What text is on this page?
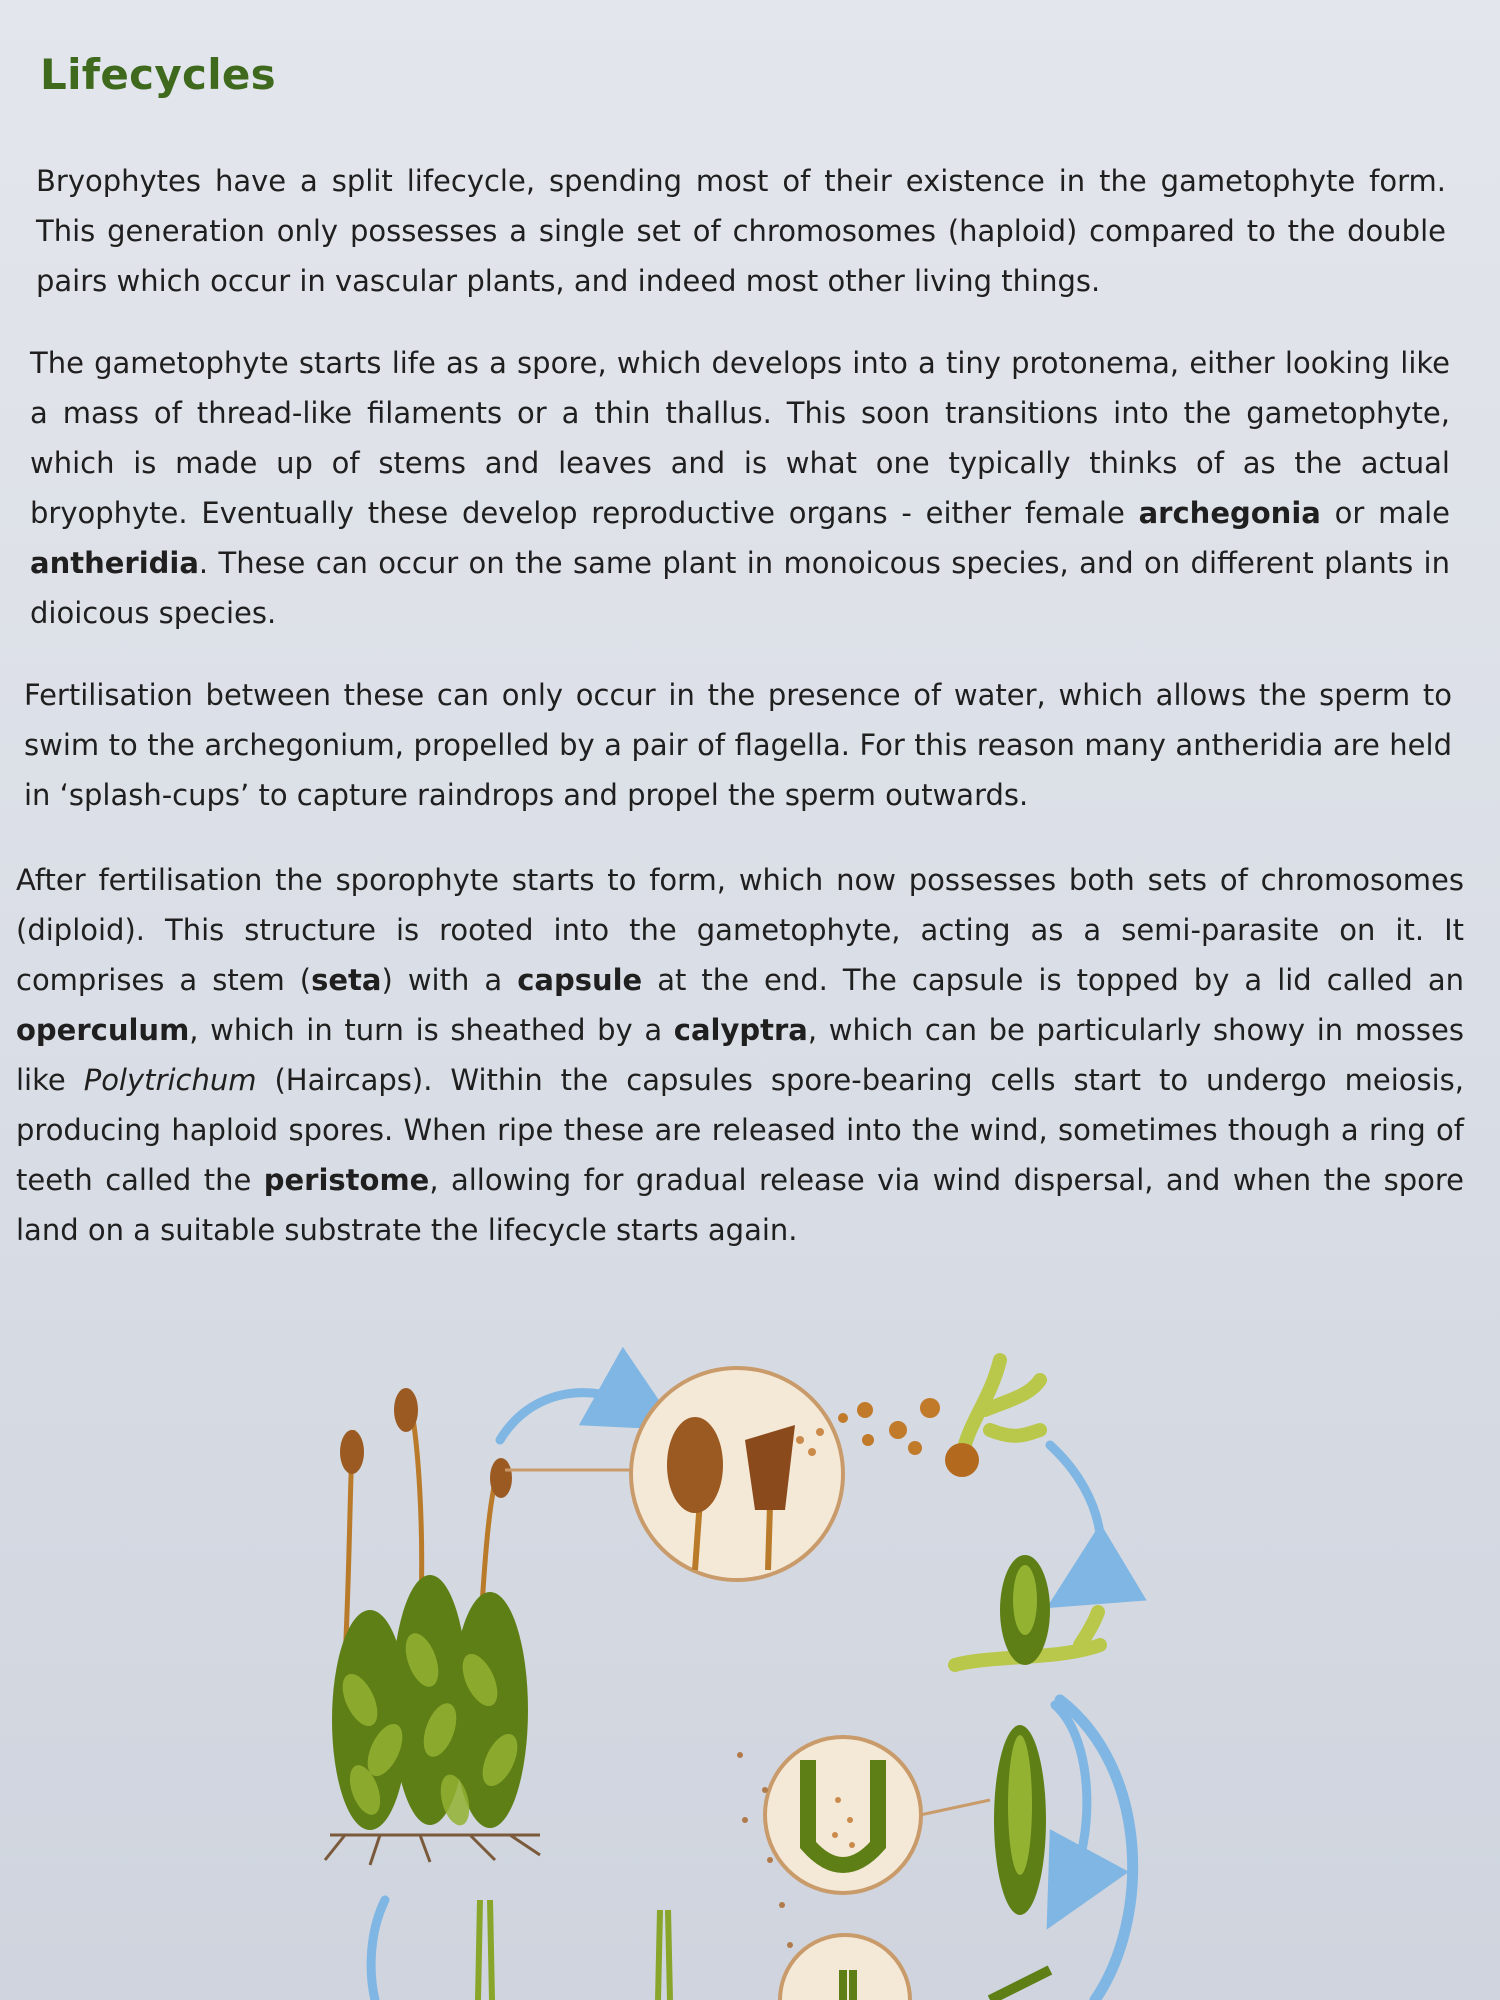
Lifecycles

Bryophytes have a split lifecycle, spending most of their existence in the gametophyte form. This generation only possesses a single set of chromosomes (haploid) compared to the double pairs which occur in vascular plants, and indeed most other living things.

The gametophyte starts life as a spore, which develops into a tiny protonema, either looking like a mass of thread-like filaments or a thin thallus. This soon transitions into the gametophyte, which is made up of stems and leaves and is what one typically thinks of as the actual bryophyte. Eventually these develop reproductive organs - either female archegonia or male antheridia. These can occur on the same plant in monoicous species, and on different plants in dioicous species.

Fertilisation between these can only occur in the presence of water, which allows the sperm to swim to the archegonium, propelled by a pair of flagella. For this reason many antheridia are held in ‘splash-cups’ to capture raindrops and propel the sperm outwards.

After fertilisation the sporophyte starts to form, which now possesses both sets of chromosomes (diploid). This structure is rooted into the gametophyte, acting as a semi-parasite on it. It comprises a stem (seta) with a capsule at the end. The capsule is topped by a lid called an operculum, which in turn is sheathed by a calyptra, which can be particularly showy in mosses like Polytrichum (Haircaps). Within the capsules spore-bearing cells start to undergo meiosis, producing haploid spores. When ripe these are released into the wind, sometimes though a ring of teeth called the peristome, allowing for gradual release via wind dispersal, and when the spore land on a suitable substrate the lifecycle starts again.
